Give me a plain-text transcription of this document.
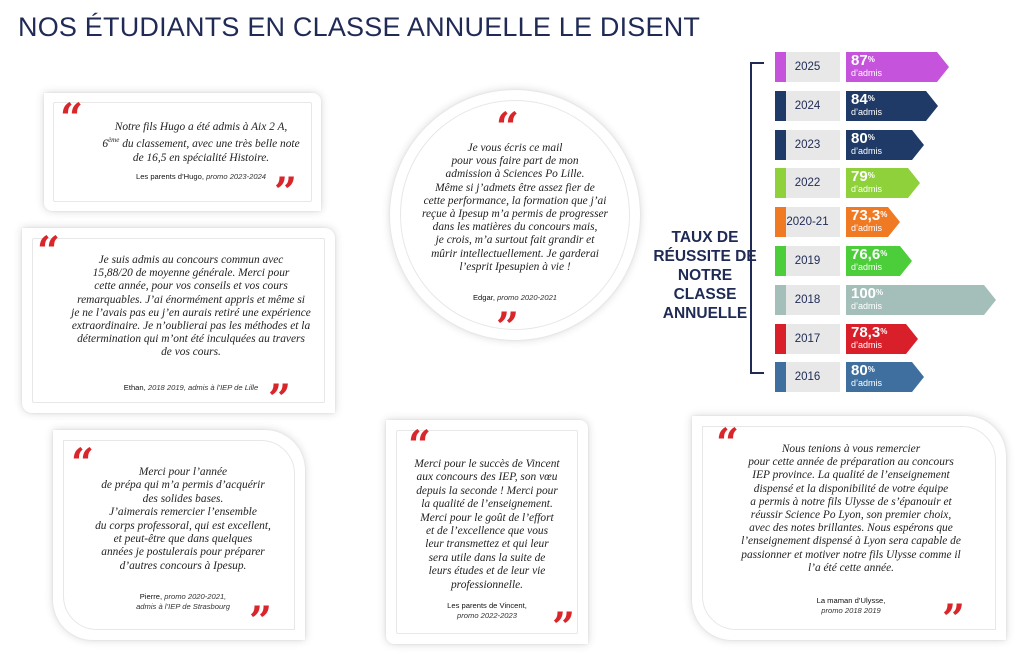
NOS ÉTUDIANTS EN CLASSE ANNUELLE LE DISENT
“	Notre fils Hugo a été admis à Aix 2 A,
6ème du classement, avec une très belle note
de 16,5 en spécialité Histoire.
Les parents d’Hugo, promo 2023-2024 ”
“	Je suis admis au concours commun avec
15,88/20 de moyenne générale. Merci pour
cette année, pour vos conseils et vos cours
remarquables. J’ai énormément appris et même si
je ne l’avais pas eu j’en aurais retiré une expérience
extraordinaire. Je n’oublierai pas les méthodes et la
détermination qui m’ont été inculquées au travers
de vos cours.
Ethan, 2018 2019, admis à l’IEP de Lille ”
“	Merci pour l’année
de prépa qui m’a permis d’acquérir
des solides bases.
J’aimerais remercier l’ensemble
du corps professoral, qui est excellent,
et peut-être que dans quelques
années je postulerais pour préparer
d’autres concours à Ipesup.
Pierre, promo 2020-2021,
admis à l’IEP de Strasbourg ”
“
Je vous écris ce mail
pour vous faire part de mon
admission à Sciences Po Lille.
Même si j’admets être assez fier de
cette performance, la formation que j’ai
reçue à Ipesup m’a permis de progresser
dans les matières du concours mais,
je crois, m’a surtout fait grandir et
mûrir intellectuellement. Je garderai
l’esprit Ipesupien à vie !
Edgar, promo 2020-2021
”
“
Merci pour le succès de Vincent
aux concours des IEP, son vœu
depuis la seconde ! Merci pour
la qualité de l’enseignement.
Merci pour le goût de l’effort
et de l’excellence que vous
leur transmettez et qui leur
sera utile dans la suite de
leurs études et de leur vie
professionnelle.
Les parents de Vincent,
promo 2022-2023 ”
“	Nous tenions à vous remercier
pour cette année de préparation au concours
IEP province. La qualité de l’enseignement
dispensé et la disponibilité de votre équipe
a permis à notre fils Ulysse de s’épanouir et
réussir Science Po Lyon, son premier choix,
avec des notes brillantes. Nous espérons que
l’enseignement dispensé à Lyon sera capable de
passionner et motiver notre fils Ulysse comme il
l’a été cette année.
La maman d’Ulysse,
promo 2018 2019	”
TAUX DE RÉUSSITE DE NOTRE CLASSE ANNUELLE
2025	87%
d’admis
2024	84%
d’admis
2023	80%
d’admis
2022	79%
d’admis
2020-21	73,3%
d’admis
2019	76,6%
d’admis
2018	100%
d’admis
2017	78,3%
d’admis
2016	80%
d’admis
